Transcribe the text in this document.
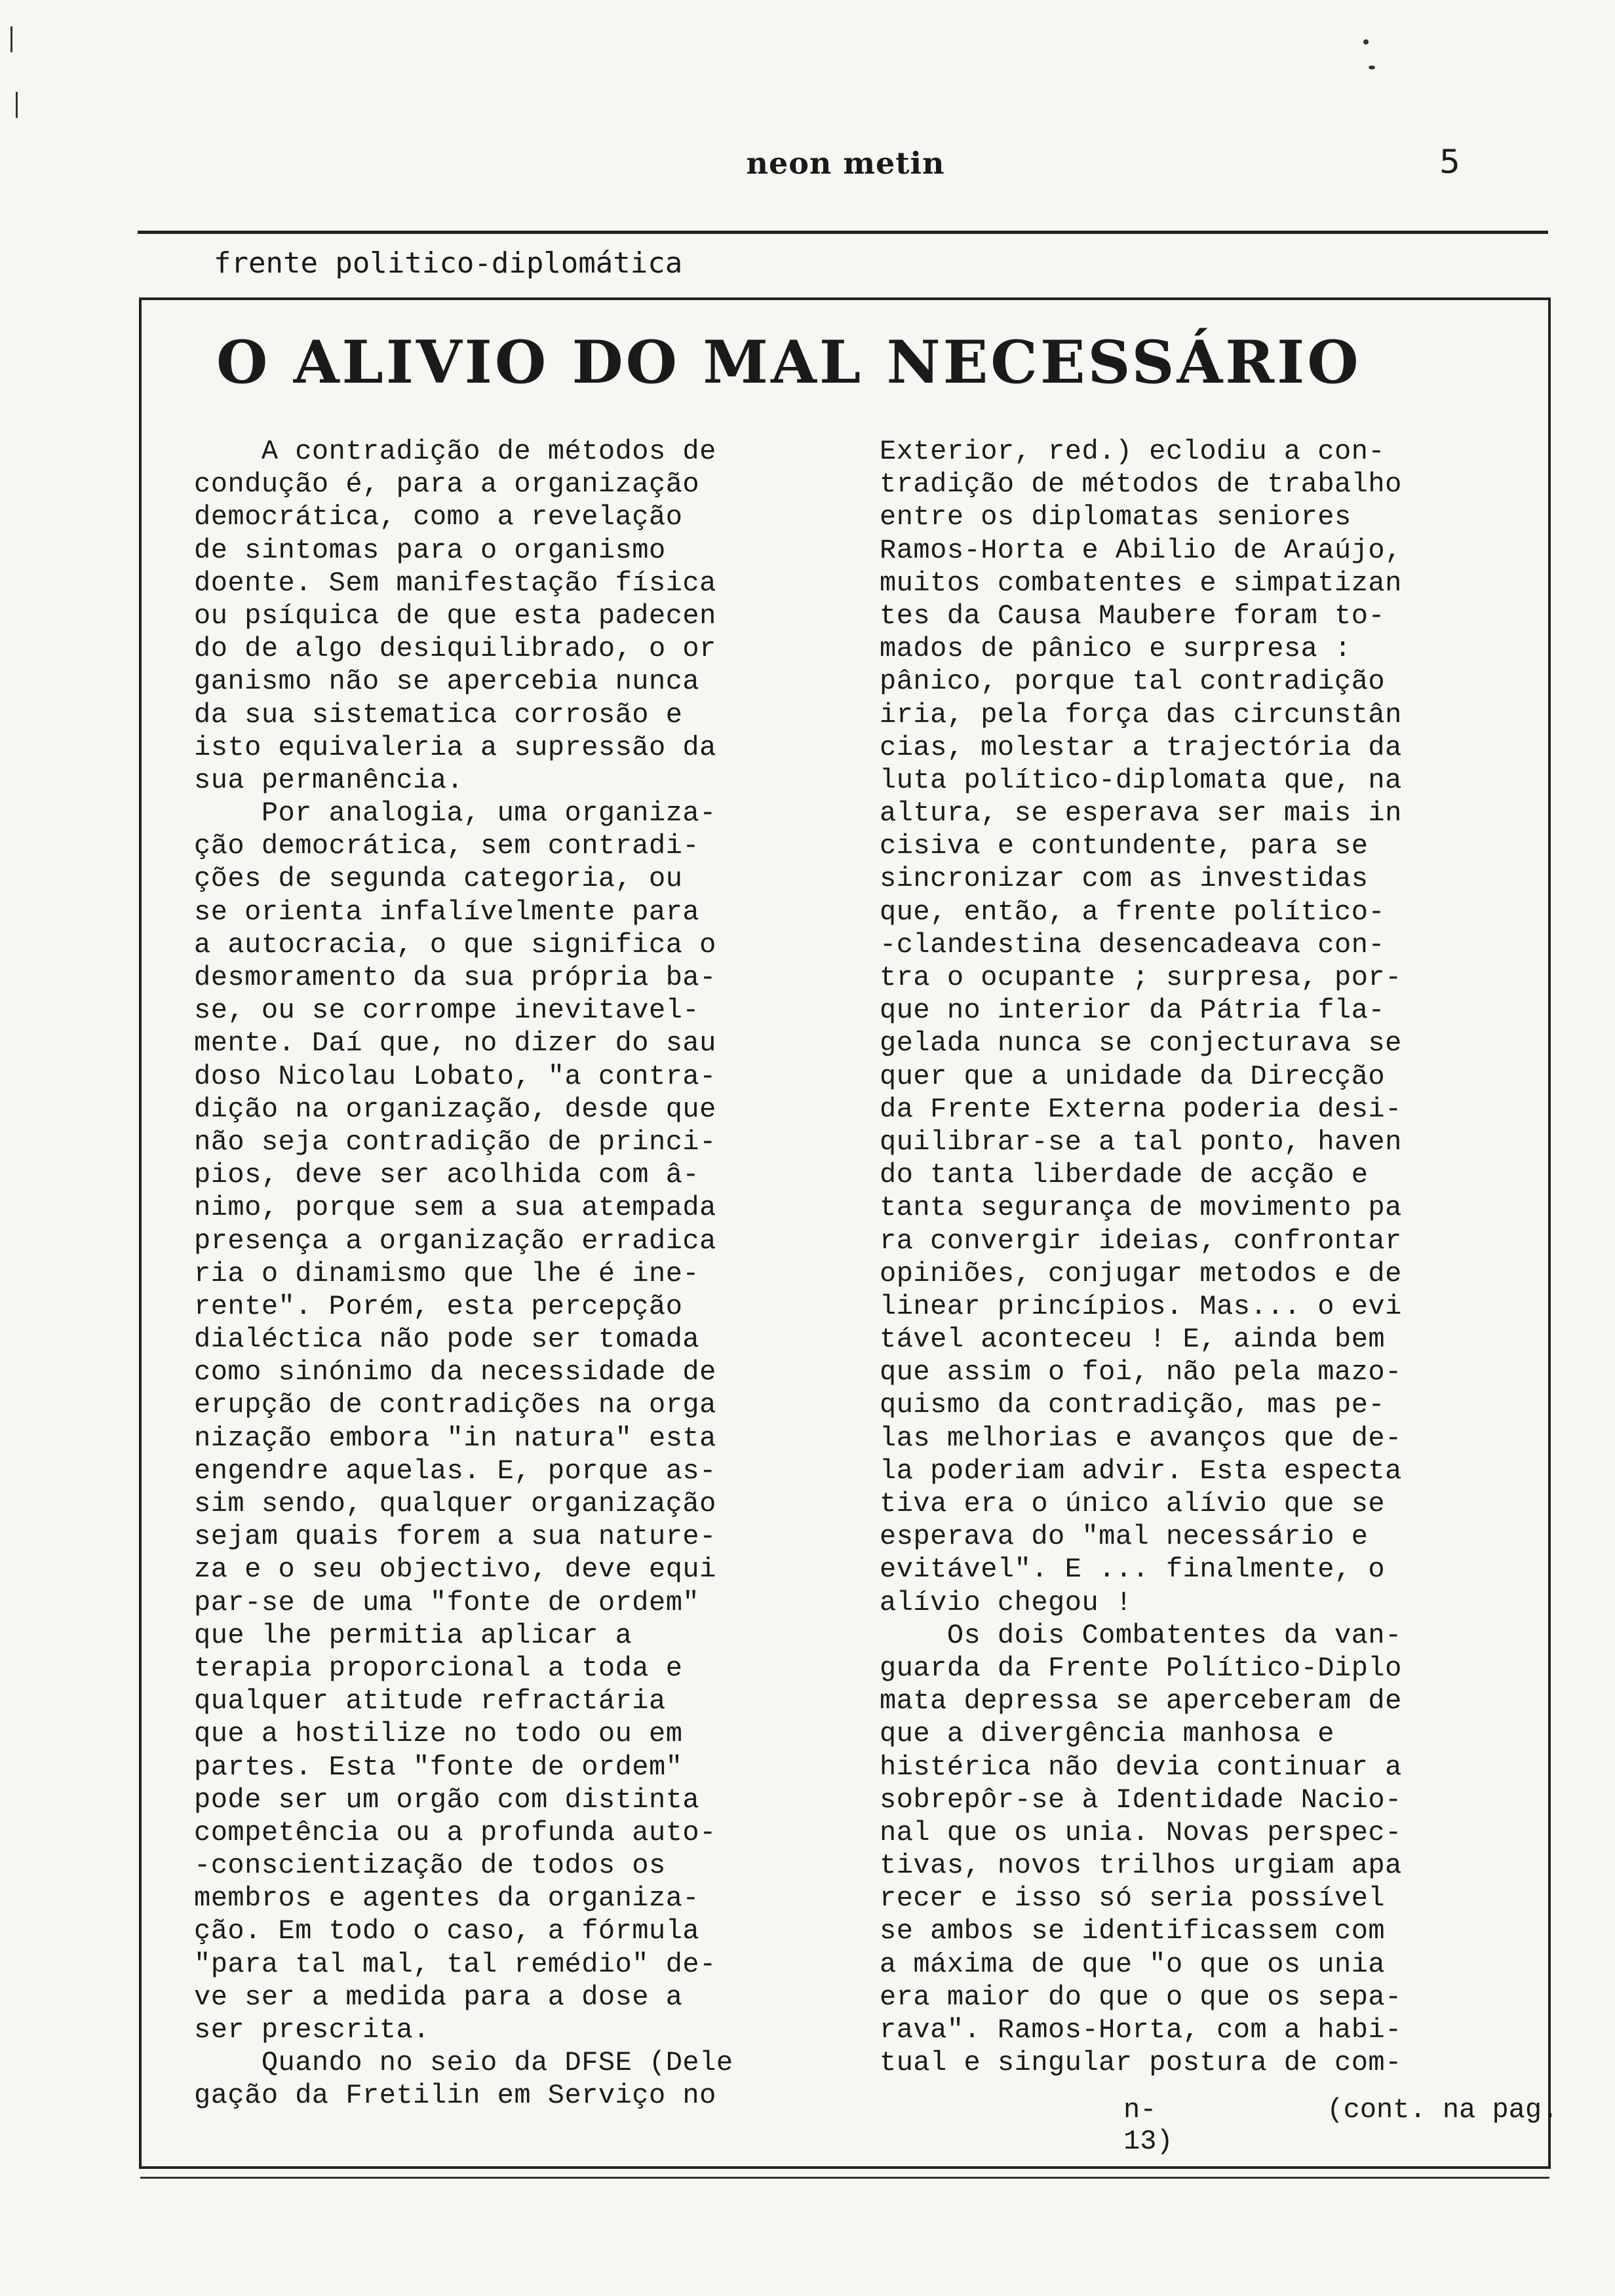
neon metin	5
frente politico-diplomática
O ALIVIO DO MAL NECESSÁRIO
A contradição de métodos de
condução é, para a organização
democrática, como a revelação
de sintomas para o organismo
doente. Sem manifestação física
ou psíquica de que esta padecen
do de algo desiquilibrado, o or
ganismo não se apercebia nunca
da sua sistematica corrosão e
isto equivaleria a supressão da
sua permanência.
Por analogia, uma organiza-
ção democrática, sem contradi-
ções de segunda categoria, ou
se orienta infalívelmente para
a autocracia, o que significa o
desmoramento da sua própria ba-
se, ou se corrompe inevitavel-
mente. Daí que, no dizer do sau
doso Nicolau Lobato, "a contra-
dição na organização, desde que
não seja contradição de princi-
pios, deve ser acolhida com â-
nimo, porque sem a sua atempada
presença a organização erradica
ria o dinamismo que lhe é ine-
rente". Porém, esta percepção
dialéctica não pode ser tomada
como sinónimo da necessidade de
erupção de contradições na orga
nização embora "in natura" esta
engendre aquelas. E, porque as-
sim sendo, qualquer organização
sejam quais forem a sua nature-
za e o seu objectivo, deve equi
par-se de uma "fonte de ordem"
que lhe permitia aplicar a
terapia proporcional a toda e
qualquer atitude refractária
que a hostilize no todo ou em
partes. Esta "fonte de ordem"
pode ser um orgão com distinta
competência ou a profunda auto-
-conscientização de todos os
membros e agentes da organiza-
ção. Em todo o caso, a fórmula
"para tal mal, tal remédio" de-
ve ser a medida para a dose a
ser prescrita.
Quando no seio da DFSE (Dele
gação da Fretilin em Serviço no
Exterior, red.) eclodiu a con-
tradição de métodos de trabalho
entre os diplomatas seniores
Ramos-Horta e Abilio de Araújo,
muitos combatentes e simpatizan
tes da Causa Maubere foram to-
mados de pânico e surpresa :
pânico, porque tal contradição
iria, pela força das circunstân
cias, molestar a trajectória da
luta político-diplomata que, na
altura, se esperava ser mais in
cisiva e contundente, para se
sincronizar com as investidas
que, então, a frente político-
-clandestina desencadeava con-
tra o ocupante ; surpresa, por-
que no interior da Pátria fla-
gelada nunca se conjecturava se
quer que a unidade da Direcção
da Frente Externa poderia desi-
quilibrar-se a tal ponto, haven
do tanta liberdade de acção e
tanta segurança de movimento pa
ra convergir ideias, confrontar
opiniões, conjugar metodos e de
linear princípios. Mas... o evi
tável aconteceu ! E, ainda bem
que assim o foi, não pela mazo-
quismo da contradição, mas pe-
las melhorias e avanços que de-
la poderiam advir. Esta especta
tiva era o único alívio que se
esperava do "mal necessário e
evitável". E ... finalmente, o
alívio chegou !
Os dois Combatentes da van-
guarda da Frente Político-Diplo
mata depressa se aperceberam de
que a divergência manhosa e
histérica não devia continuar a
sobrepôr-se à Identidade Nacio-
nal que os unia. Novas perspec-
tivas, novos trilhos urgiam apa
recer e isso só seria possível
se ambos se identificassem com
a máxima de que "o que os unia
era maior do que o que os sepa-
rava". Ramos-Horta, com a habi-
tual e singular postura de com-
n-	(cont. na pag. 13)
